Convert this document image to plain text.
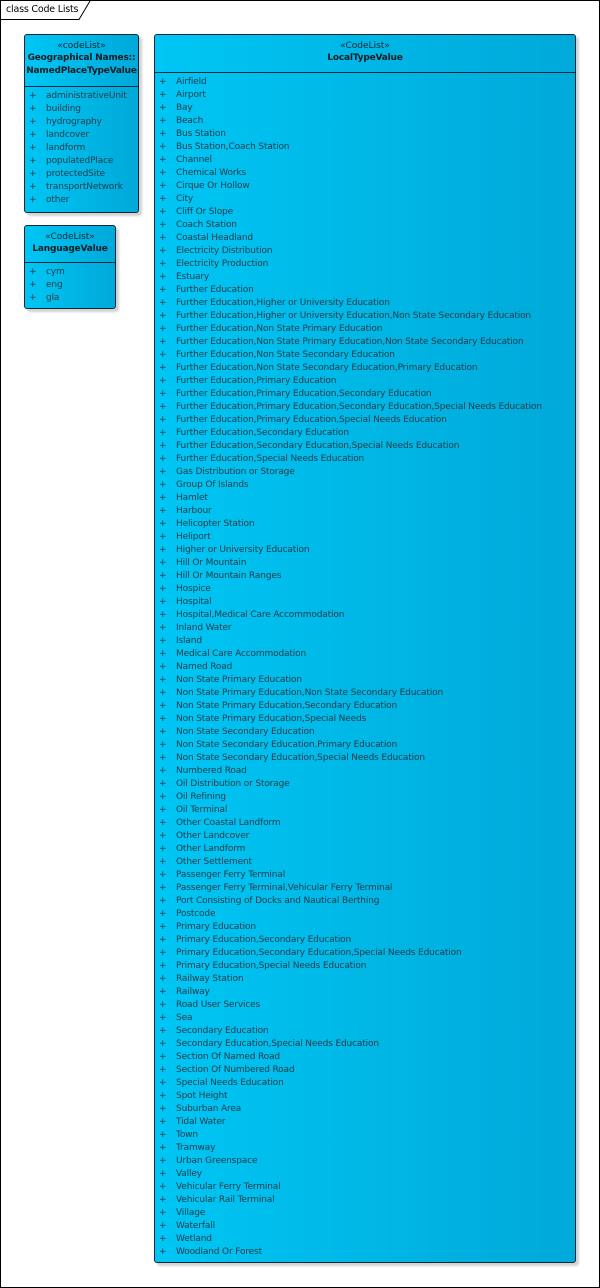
class Code Lists
«codeList»
Geographical Names::
NamedPlaceTypeValue
+ administrativeUnit
+ building
+ hydrography
+ landcover
+ landform
+ populatedPlace
+ protectedSite
+ transportNetwork
+ other
«CodeList»
LanguageValue
+ cym
+ eng
+ gla
«CodeList»
LocalTypeValue
+ Airfield
+ Airport
+ Bay
+ Beach
+ Bus Station
+ Bus Station,Coach Station
+ Channel
+ Chemical Works
+ Cirque Or Hollow
+ City
+ Cliff Or Slope
+ Coach Station
+ Coastal Headland
+ Electricity Distribution
+ Electricity Production
+ Estuary
+ Further Education
+ Further Education,Higher or University Education
+ Further Education,Higher or University Education,Non State Secondary Education
+ Further Education,Non State Primary Education
+ Further Education,Non State Primary Education,Non State Secondary Education
+ Further Education,Non State Secondary Education
+ Further Education,Non State Secondary Education,Primary Education
+ Further Education,Primary Education
+ Further Education,Primary Education,Secondary Education
+ Further Education,Primary Education,Secondary Education,Special Needs Education
+ Further Education,Primary Education,Special Needs Education
+ Further Education,Secondary Education
+ Further Education,Secondary Education,Special Needs Education
+ Further Education,Special Needs Education
+ Gas Distribution or Storage
+ Group Of Islands
+ Hamlet
+ Harbour
+ Helicopter Station
+ Heliport
+ Higher or University Education
+ Hill Or Mountain
+ Hill Or Mountain Ranges
+ Hospice
+ Hospital
+ Hospital,Medical Care Accommodation
+ Inland Water
+ Island
+ Medical Care Accommodation
+ Named Road
+ Non State Primary Education
+ Non State Primary Education,Non State Secondary Education
+ Non State Primary Education,Secondary Education
+ Non State Primary Education,Special Needs
+ Non State Secondary Education
+ Non State Secondary Education,Primary Education
+ Non State Secondary Education,Special Needs Education
+ Numbered Road
+ Oil Distribution or Storage
+ Oil Refining
+ Oil Terminal
+ Other Coastal Landform
+ Other Landcover
+ Other Landform
+ Other Settlement
+ Passenger Ferry Terminal
+ Passenger Ferry Terminal,Vehicular Ferry Terminal
+ Port Consisting of Docks and Nautical Berthing
+ Postcode
+ Primary Education
+ Primary Education,Secondary Education
+ Primary Education,Secondary Education,Special Needs Education
+ Primary Education,Special Needs Education
+ Railway Station
+ Railway
+ Road User Services
+ Sea
+ Secondary Education
+ Secondary Education,Special Needs Education
+ Section Of Named Road
+ Section Of Numbered Road
+ Special Needs Education
+ Spot Height
+ Suburban Area
+ Tidal Water
+ Town
+ Tramway
+ Urban Greenspace
+ Valley
+ Vehicular Ferry Terminal
+ Vehicular Rail Terminal
+ Village
+ Waterfall
+ Wetland
+ Woodland Or Forest
